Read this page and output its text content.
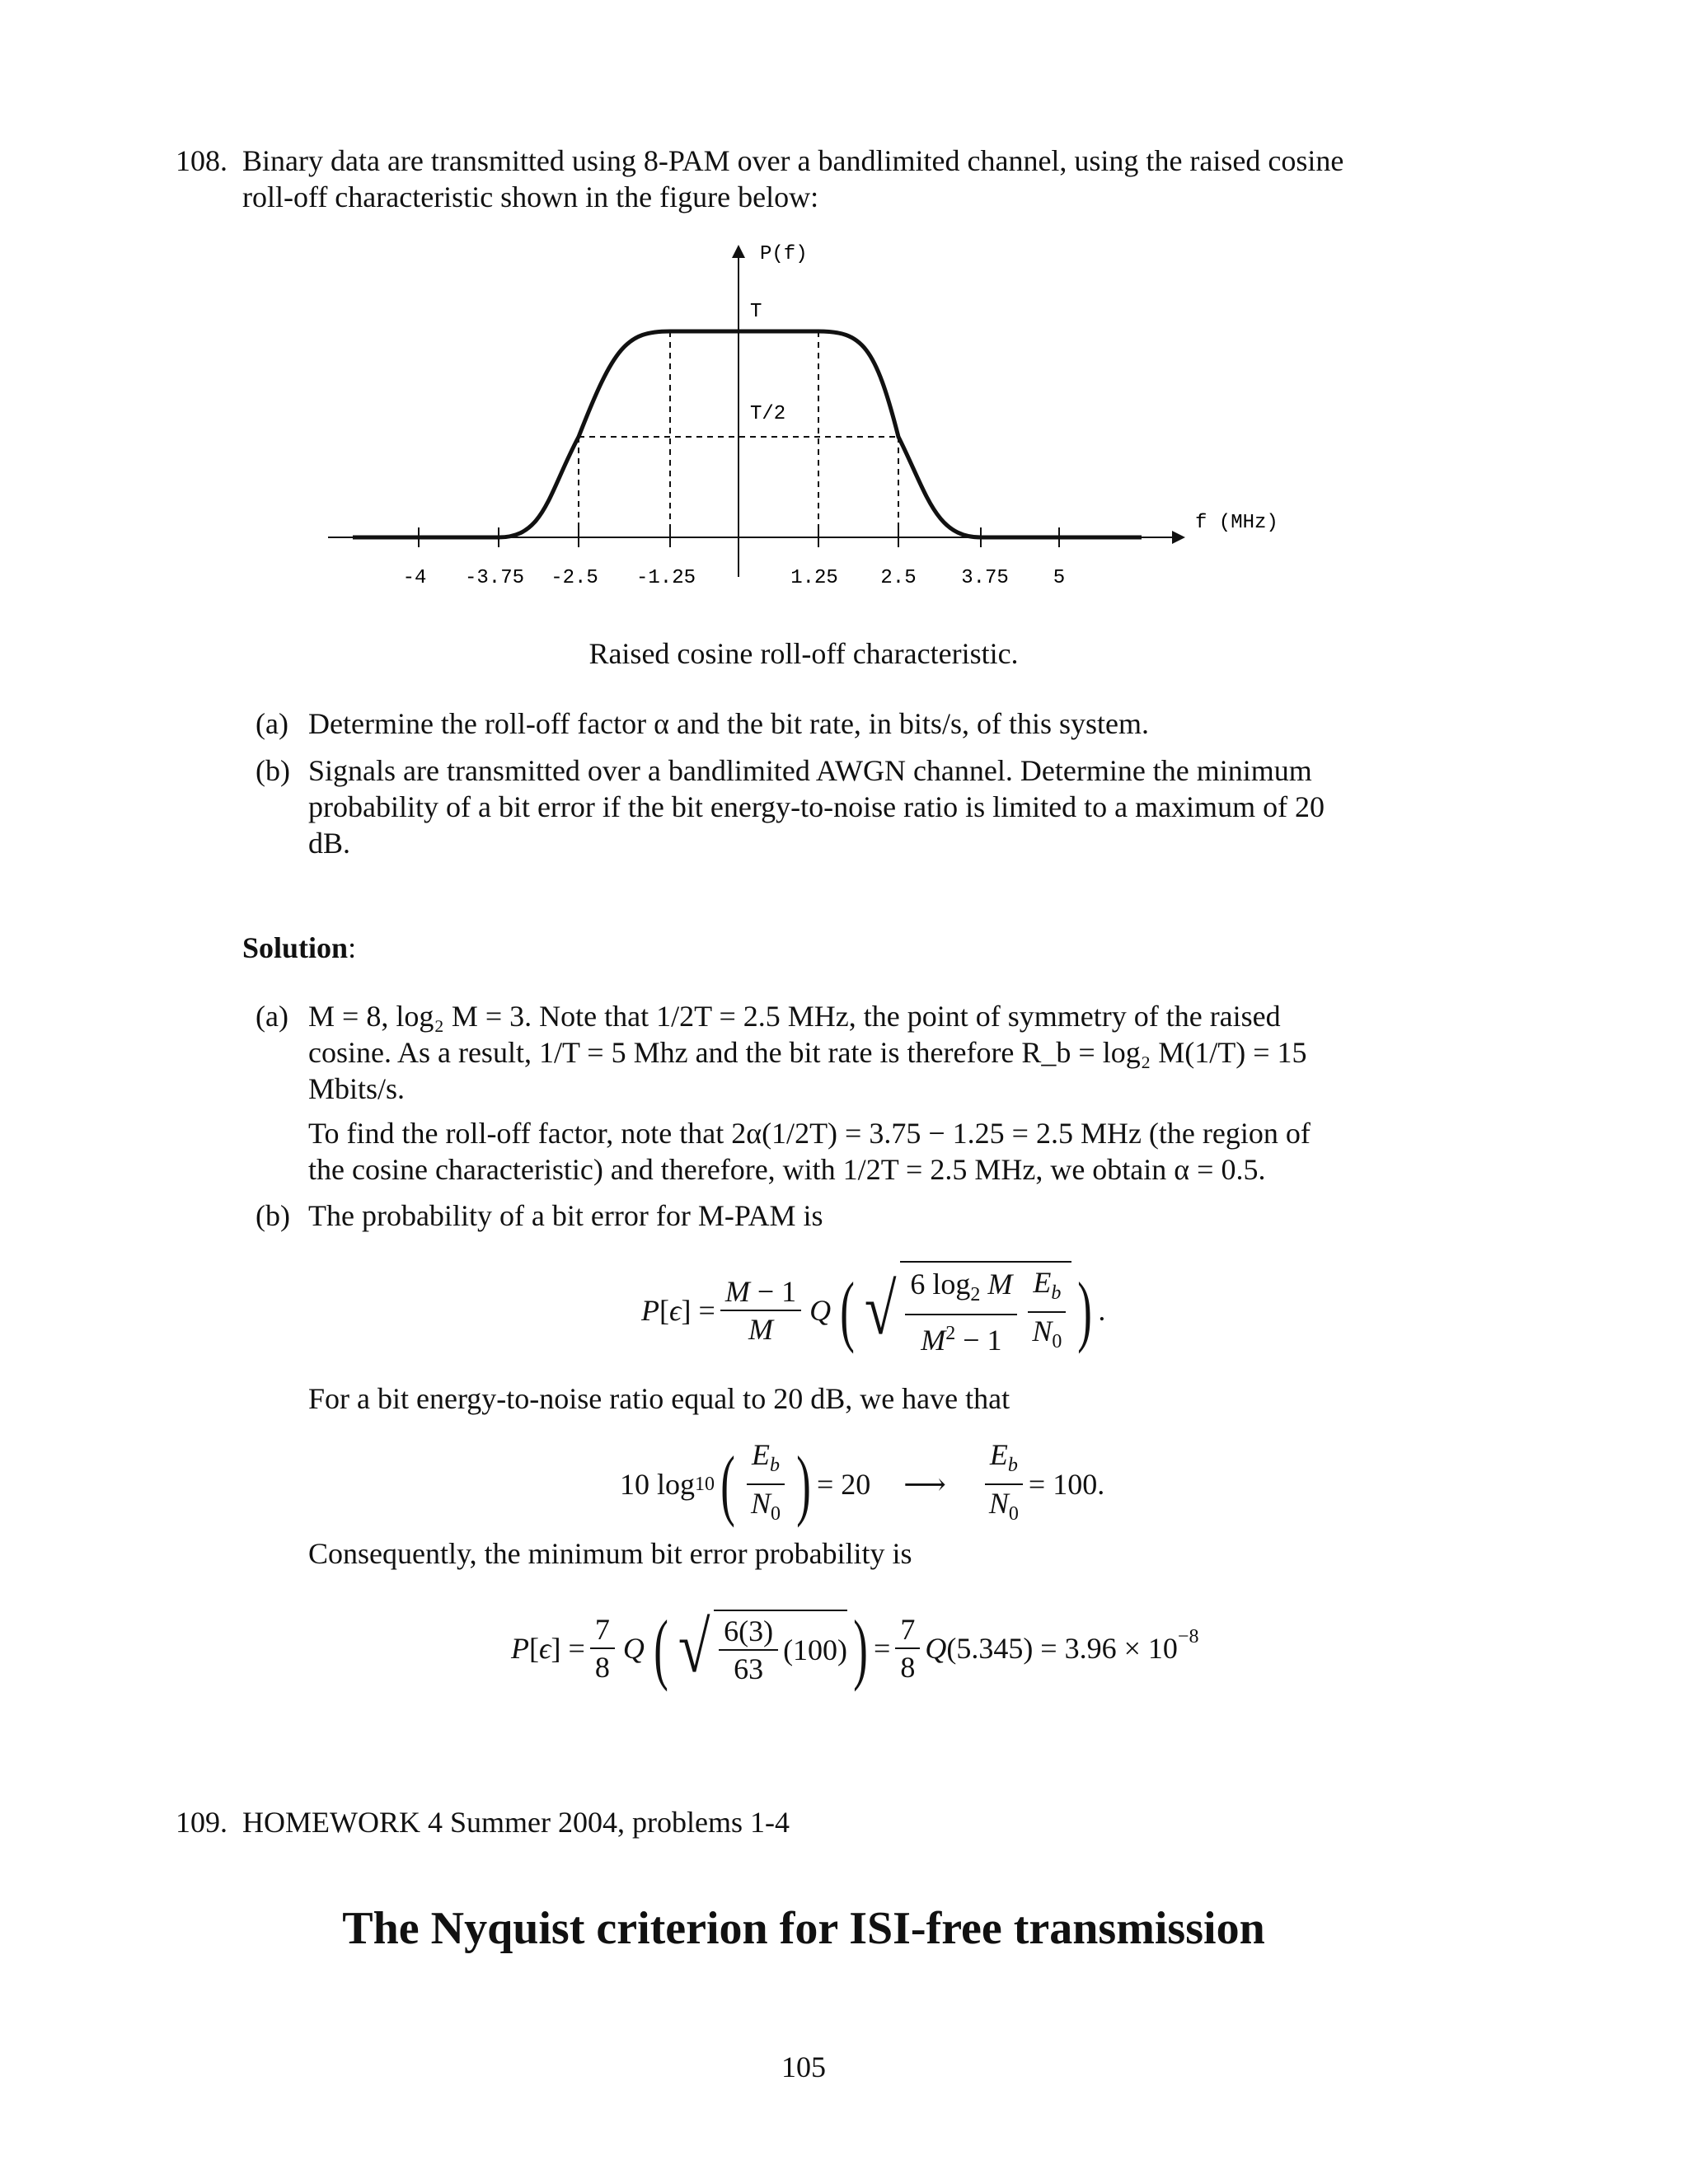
108. Binary data are transmitted using 8-PAM over a bandlimited channel, using the raised cosine
roll-off characteristic shown in the figure below:
P(f)
T
T/2
f (MHz)
-4 -3.75 -2.5 -1.25	1.25 2.5 3.75 5
Raised cosine roll-off characteristic.
(a) Determine the roll-off factor α and the bit rate, in bits/s, of this system.
(b) Signals are transmitted over a bandlimited AWGN channel. Determine the minimum
probability of a bit error if the bit energy-to-noise ratio is limited to a maximum of 20
dB.
Solution:
(a) M = 8, log₂ M = 3. Note that 1/2T = 2.5 MHz, the point of symmetry of the raised
cosine. As a result, 1/T = 5 Mhz and the bit rate is therefore R_b = log₂ M(1/T) = 15
Mbits/s.
To find the roll-off factor, note that 2α(1/2T) = 3.75 − 1.25 = 2.5 MHz (the region of
the cosine characteristic) and therefore, with 1/2T = 2.5 MHz, we obtain α = 0.5.
(b) The probability of a bit error for M-PAM is
P [ ϵ ] = $\frac{M - 1}{M}$ Q ( √ $\frac{6 \log_2 M}{M^2 - 1} \frac{E_b}{N_0}$ ) .
For a bit energy-to-noise ratio equal to 20 dB, we have that
10 log 10 ( $\frac{E_b}{N_0}$ ) = 20 ⟶ $\frac{E_b}{N_0} = 100$.
Consequently, the minimum bit error probability is
P [ ϵ ] = $\frac{7}{8}$ Q ( √ $\frac{6(3)}{63} (100)$ ) = $\frac{7}{8}$ Q $(5.345) = 3.96 \times 10^{-8}$
109. HOMEWORK 4 Summer 2004, problems 1-4
The Nyquist criterion for ISI-free transmission
105
